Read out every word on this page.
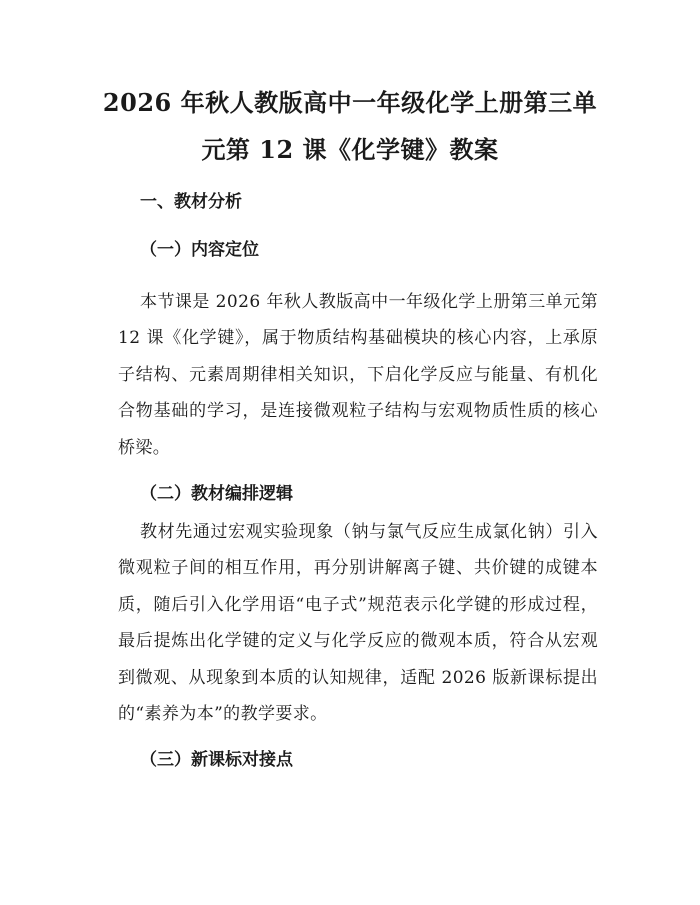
2026 年秋人教版高中一年级化学上册第三单
元第 12 课《化学键》教案
一、教材分析
（一）内容定位

本节课是 2026 年秋人教版高中一年级化学上册第三单元第 12 课《化学键》，属于物质结构基础模块的核心内容，上承原子结构、元素周期律相关知识，下启化学反应与能量、有机化合物基础的学习，是连接微观粒子结构与宏观物质性质的核心桥梁。

（二）教材编排逻辑

教材先通过宏观实验现象（钠与氯气反应生成氯化钠）引入微观粒子间的相互作用，再分别讲解离子键、共价键的成键本质，随后引入化学用语“电子式”规范表示化学键的形成过程，最后提炼出化学键的定义与化学反应的微观本质，符合从宏观到微观、从现象到本质的认知规律，适配 2026 版新课标提出的“素养为本”的教学要求。

（三）新课标对接点
